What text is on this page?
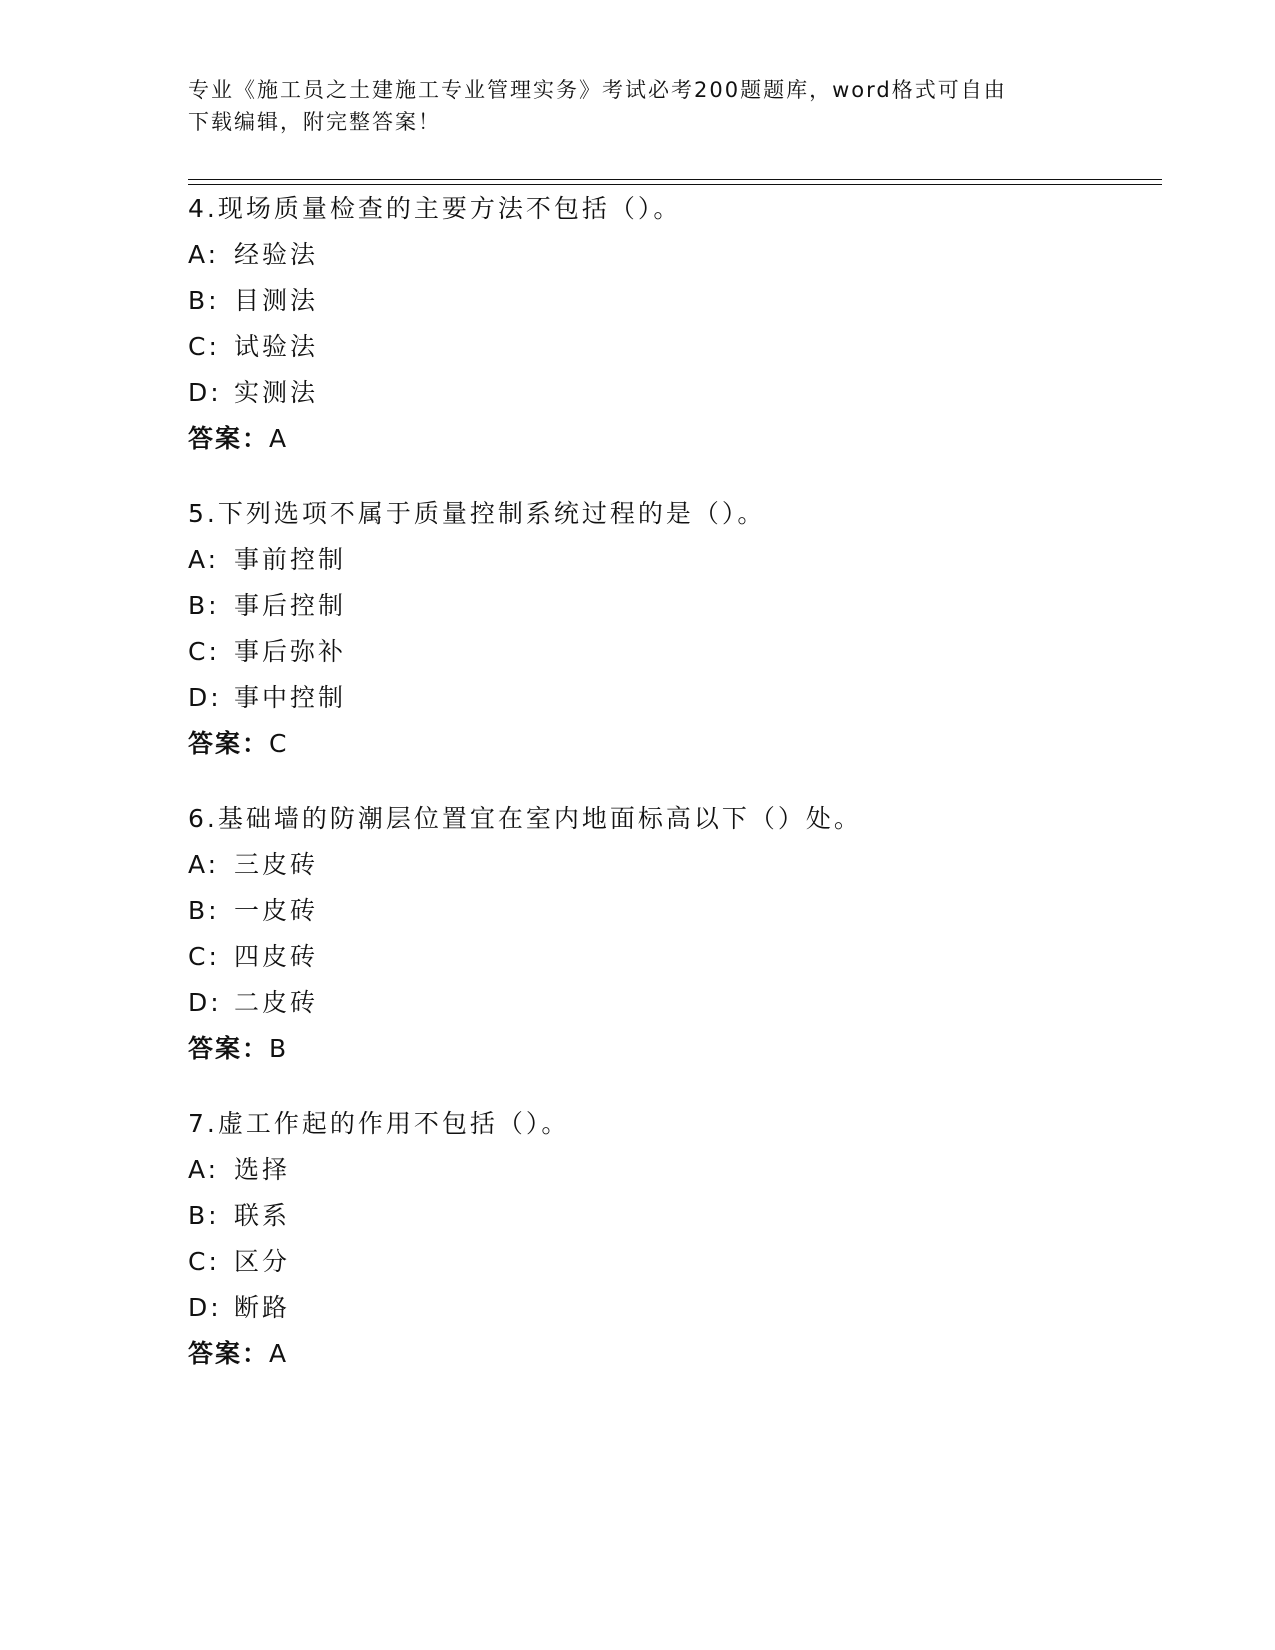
专业《施工员之土建施工专业管理实务》考试必考200题题库，word格式可自由
下载编辑，附完整答案！
4.现场质量检查的主要方法不包括（）。
A: 经验法
B: 目测法
C: 试验法
D: 实测法
答案：A
5.下列选项不属于质量控制系统过程的是（）。
A: 事前控制
B: 事后控制
C: 事后弥补
D: 事中控制
答案：C
6.基础墙的防潮层位置宜在室内地面标高以下（）处。
A: 三皮砖
B: 一皮砖
C: 四皮砖
D: 二皮砖
答案：B
7.虚工作起的作用不包括（）。
A: 选择
B: 联系
C: 区分
D: 断路
答案：A
